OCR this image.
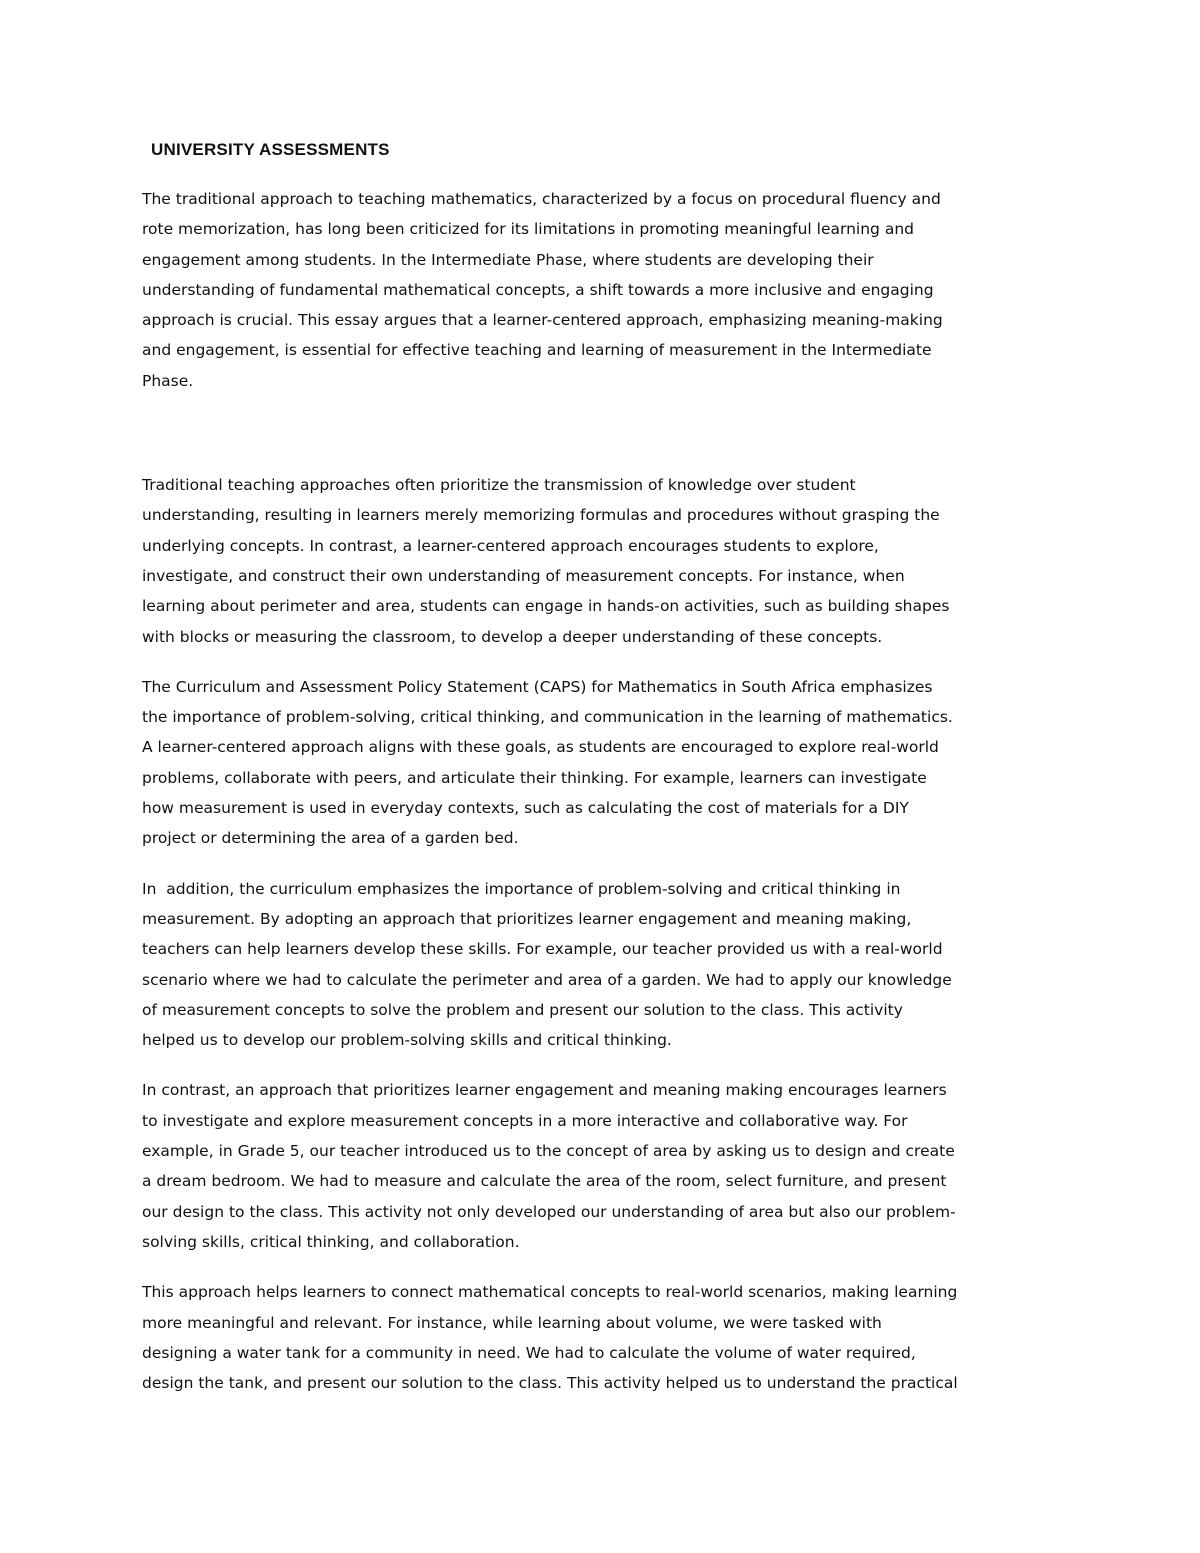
UNIVERSITY ASSESSMENTS

The traditional approach to teaching mathematics, characterized by a focus on procedural fluency and
rote memorization, has long been criticized for its limitations in promoting meaningful learning and
engagement among students. In the Intermediate Phase, where students are developing their
understanding of fundamental mathematical concepts, a shift towards a more inclusive and engaging
approach is crucial. This essay argues that a learner-centered approach, emphasizing meaning-making
and engagement, is essential for effective teaching and learning of measurement in the Intermediate
Phase.

Traditional teaching approaches often prioritize the transmission of knowledge over student
understanding, resulting in learners merely memorizing formulas and procedures without grasping the
underlying concepts. In contrast, a learner-centered approach encourages students to explore,
investigate, and construct their own understanding of measurement concepts. For instance, when
learning about perimeter and area, students can engage in hands-on activities, such as building shapes
with blocks or measuring the classroom, to develop a deeper understanding of these concepts.

The Curriculum and Assessment Policy Statement (CAPS) for Mathematics in South Africa emphasizes
the importance of problem-solving, critical thinking, and communication in the learning of mathematics.
A learner-centered approach aligns with these goals, as students are encouraged to explore real-world
problems, collaborate with peers, and articulate their thinking. For example, learners can investigate
how measurement is used in everyday contexts, such as calculating the cost of materials for a DIY
project or determining the area of a garden bed.

In  addition, the curriculum emphasizes the importance of problem-solving and critical thinking in
measurement. By adopting an approach that prioritizes learner engagement and meaning making,
teachers can help learners develop these skills. For example, our teacher provided us with a real-world
scenario where we had to calculate the perimeter and area of a garden. We had to apply our knowledge
of measurement concepts to solve the problem and present our solution to the class. This activity
helped us to develop our problem-solving skills and critical thinking.

In contrast, an approach that prioritizes learner engagement and meaning making encourages learners
to investigate and explore measurement concepts in a more interactive and collaborative way. For
example, in Grade 5, our teacher introduced us to the concept of area by asking us to design and create
a dream bedroom. We had to measure and calculate the area of the room, select furniture, and present
our design to the class. This activity not only developed our understanding of area but also our problem-
solving skills, critical thinking, and collaboration.

This approach helps learners to connect mathematical concepts to real-world scenarios, making learning
more meaningful and relevant. For instance, while learning about volume, we were tasked with
designing a water tank for a community in need. We had to calculate the volume of water required,
design the tank, and present our solution to the class. This activity helped us to understand the practical
